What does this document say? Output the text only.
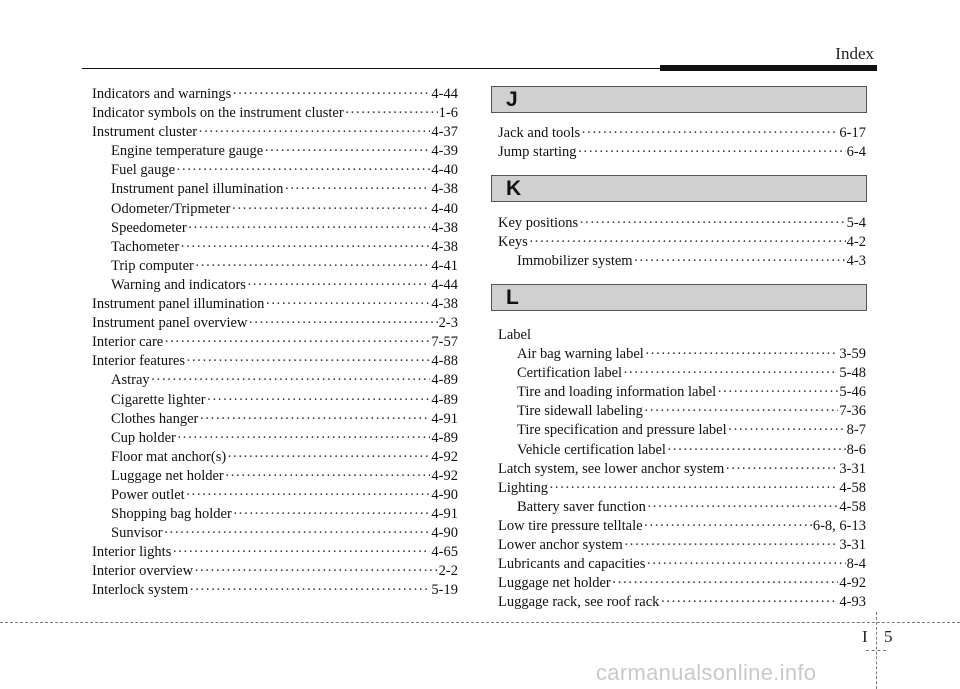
Index
Indicators and warnings ·····	4-44
Indicator symbols on the instrument cluster ·····	1-6
Instrument cluster ·····	4-37
Engine temperature gauge ·····	4-39
Fuel gauge ·····	4-40
Instrument panel illumination ·····	4-38
Odometer/Tripmeter ·····	4-40
Speedometer ·····	4-38
Tachometer ·····	4-38
Trip computer ·····	4-41
Warning and indicators ·····	4-44
Instrument panel illumination ·····	4-38
Instrument panel overview ·····	2-3
Interior care ·····	7-57
Interior features ·····	4-88
Astray ·····	4-89
Cigarette lighter ·····	4-89
Clothes hanger ·····	4-91
Cup holder ·····	4-89
Floor mat anchor(s) ·····	4-92
Luggage net holder ·····	4-92
Power outlet ·····	4-90
Shopping bag holder ·····	4-91
Sunvisor ·····	4-90
Interior lights ·····	4-65
Interior overview ·····	2-2
Interlock system ·····	5-19
J
Jack and tools ·····	6-17
Jump starting ·····	6-4
K
Key positions ·····	5-4
Keys ·····	4-2
Immobilizer system ·····	4-3
L
Label
Air bag warning label ·····	3-59
Certification label ·····	5-48
Tire and loading information label ·····	5-46
Tire sidewall labeling ·····	7-36
Tire specification and pressure label ·····	8-7
Vehicle certification label ·····	8-6
Latch system, see lower anchor system ·····	3-31
Lighting ·····	4-58
Battery saver function ·····	4-58
Low tire pressure telltale ·····	6-8, 6-13
Lower anchor system ·····	3-31
Lubricants and capacities ·····	8-4
Luggage net holder ·····	4-92
Luggage rack, see roof rack ·····	4-93
I 5
carmanualsonline.info
